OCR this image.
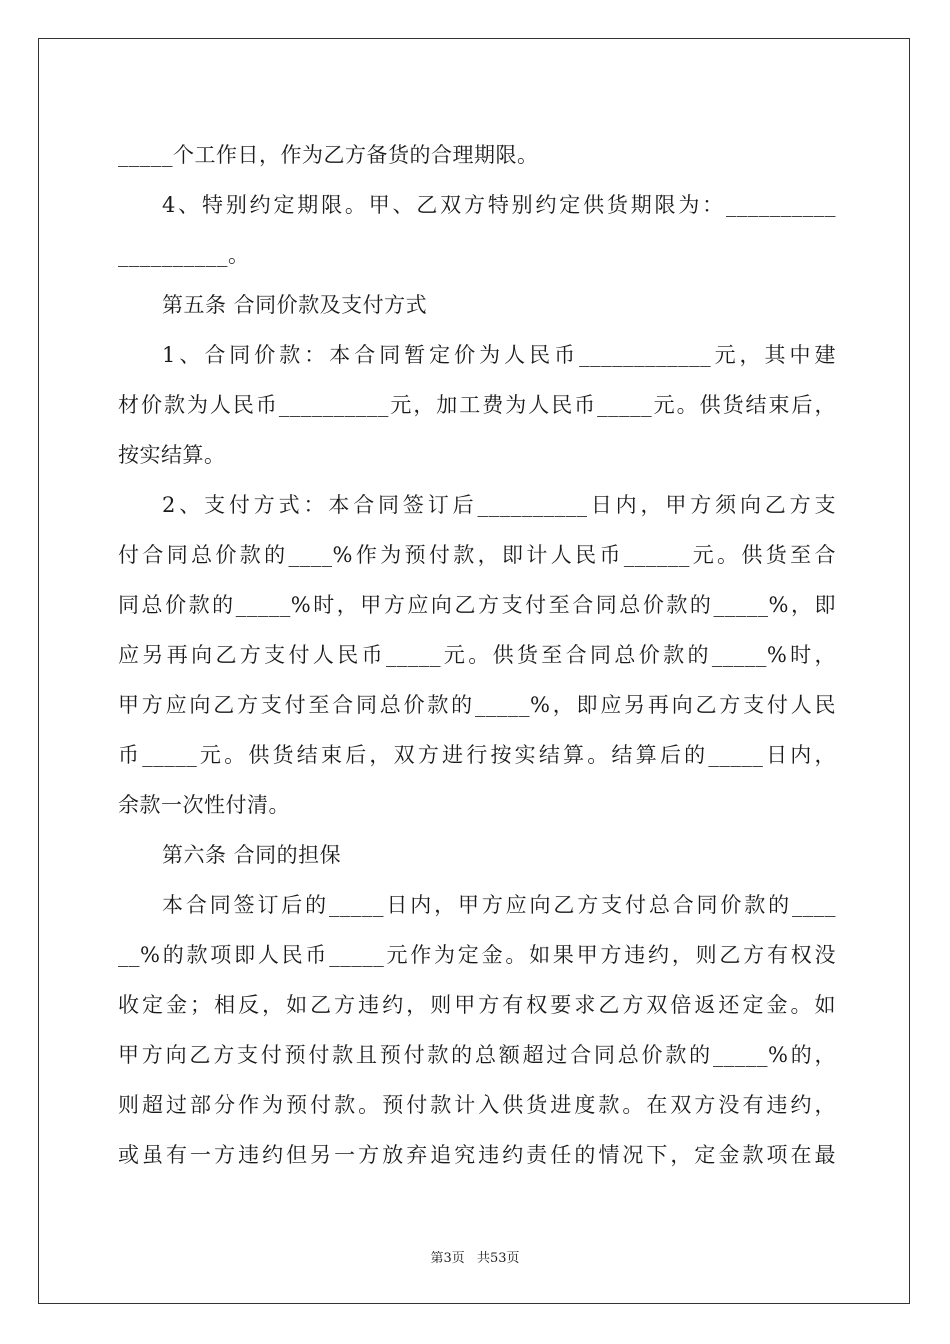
_____个工作日，作为乙方备货的合理期限。
4、特别约定期限。甲、乙双方特别约定供货期限为：__________
__________。
第五条 合同价款及支付方式
1、合同价款：本合同暂定价为人民币____________元，其中建
材价款为人民币__________元，加工费为人民币_____元。供货结束后，
按实结算。
2、支付方式：本合同签订后__________日内，甲方须向乙方支
付合同总价款的____%作为预付款，即计人民币______元。供货至合
同总价款的_____%时，甲方应向乙方支付至合同总价款的_____%，即
应另再向乙方支付人民币_____元。供货至合同总价款的_____%时，
甲方应向乙方支付至合同总价款的_____%，即应另再向乙方支付人民
币_____元。供货结束后，双方进行按实结算。结算后的_____日内，
余款一次性付清。
第六条 合同的担保
本合同签订后的_____日内，甲方应向乙方支付总合同价款的____
__%的款项即人民币_____元作为定金。如果甲方违约，则乙方有权没
收定金；相反，如乙方违约，则甲方有权要求乙方双倍返还定金。如
甲方向乙方支付预付款且预付款的总额超过合同总价款的_____%的，
则超过部分作为预付款。预付款计入供货进度款。在双方没有违约，
或虽有一方违约但另一方放弃追究违约责任的情况下，定金款项在最
第3页 共53页
